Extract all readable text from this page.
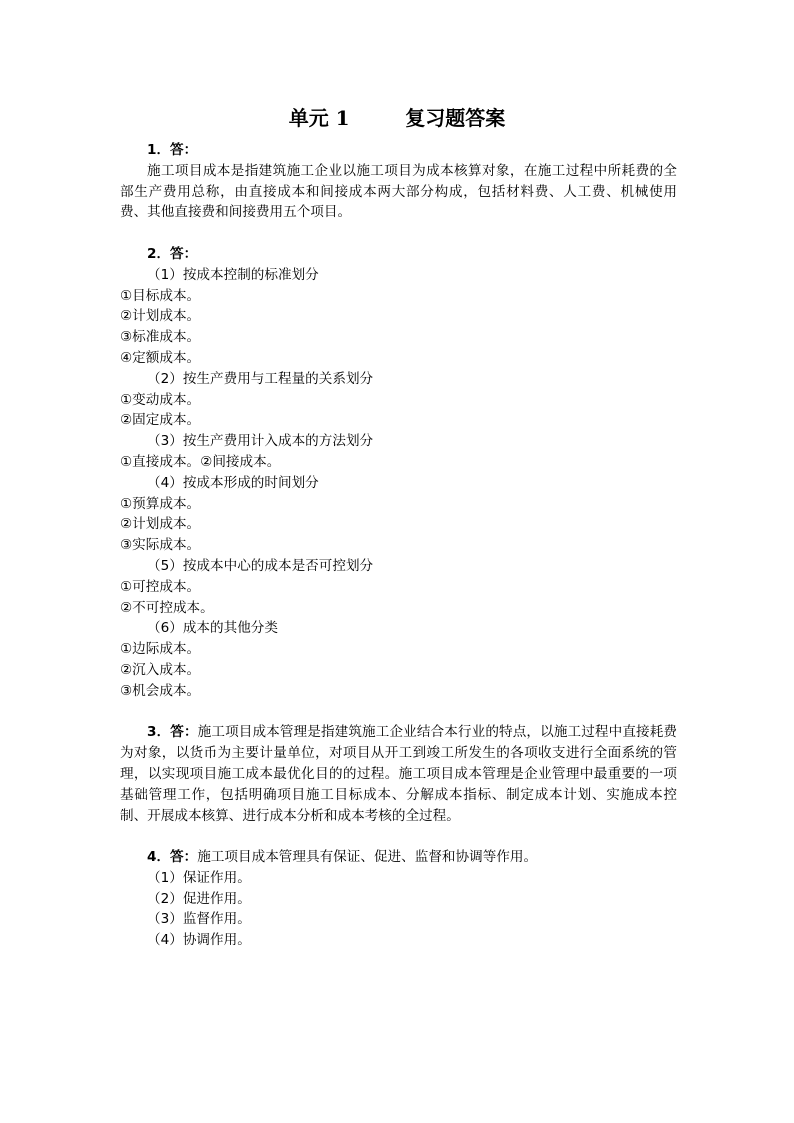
单元 1        复习题答案
1．答：
施工项目成本是指建筑施工企业以施工项目为成本核算对象，在施工过程中所耗费的全部生产费用总称，由直接成本和间接成本两大部分构成，包括材料费、人工费、机械使用费、其他直接费和间接费用五个项目。
2．答：
（1）按成本控制的标准划分
①目标成本。
②计划成本。
③标准成本。
④定额成本。
（2）按生产费用与工程量的关系划分
①变动成本。
②固定成本。
（3）按生产费用计入成本的方法划分
①直接成本。②间接成本。
（4）按成本形成的时间划分
①预算成本。
②计划成本。
③实际成本。
（5）按成本中心的成本是否可控划分
①可控成本。
②不可控成本。
（6）成本的其他分类
①边际成本。
②沉入成本。
③机会成本。
3．答：施工项目成本管理是指建筑施工企业结合本行业的特点，以施工过程中直接耗费为对象，以货币为主要计量单位，对项目从开工到竣工所发生的各项收支进行全面系统的管理，以实现项目施工成本最优化目的的过程。施工项目成本管理是企业管理中最重要的一项基础管理工作，包括明确项目施工目标成本、分解成本指标、制定成本计划、实施成本控制、开展成本核算、进行成本分析和成本考核的全过程。
4．答：施工项目成本管理具有保证、促进、监督和协调等作用。
（1）保证作用。
（2）促进作用。
（3）监督作用。
（4）协调作用。
